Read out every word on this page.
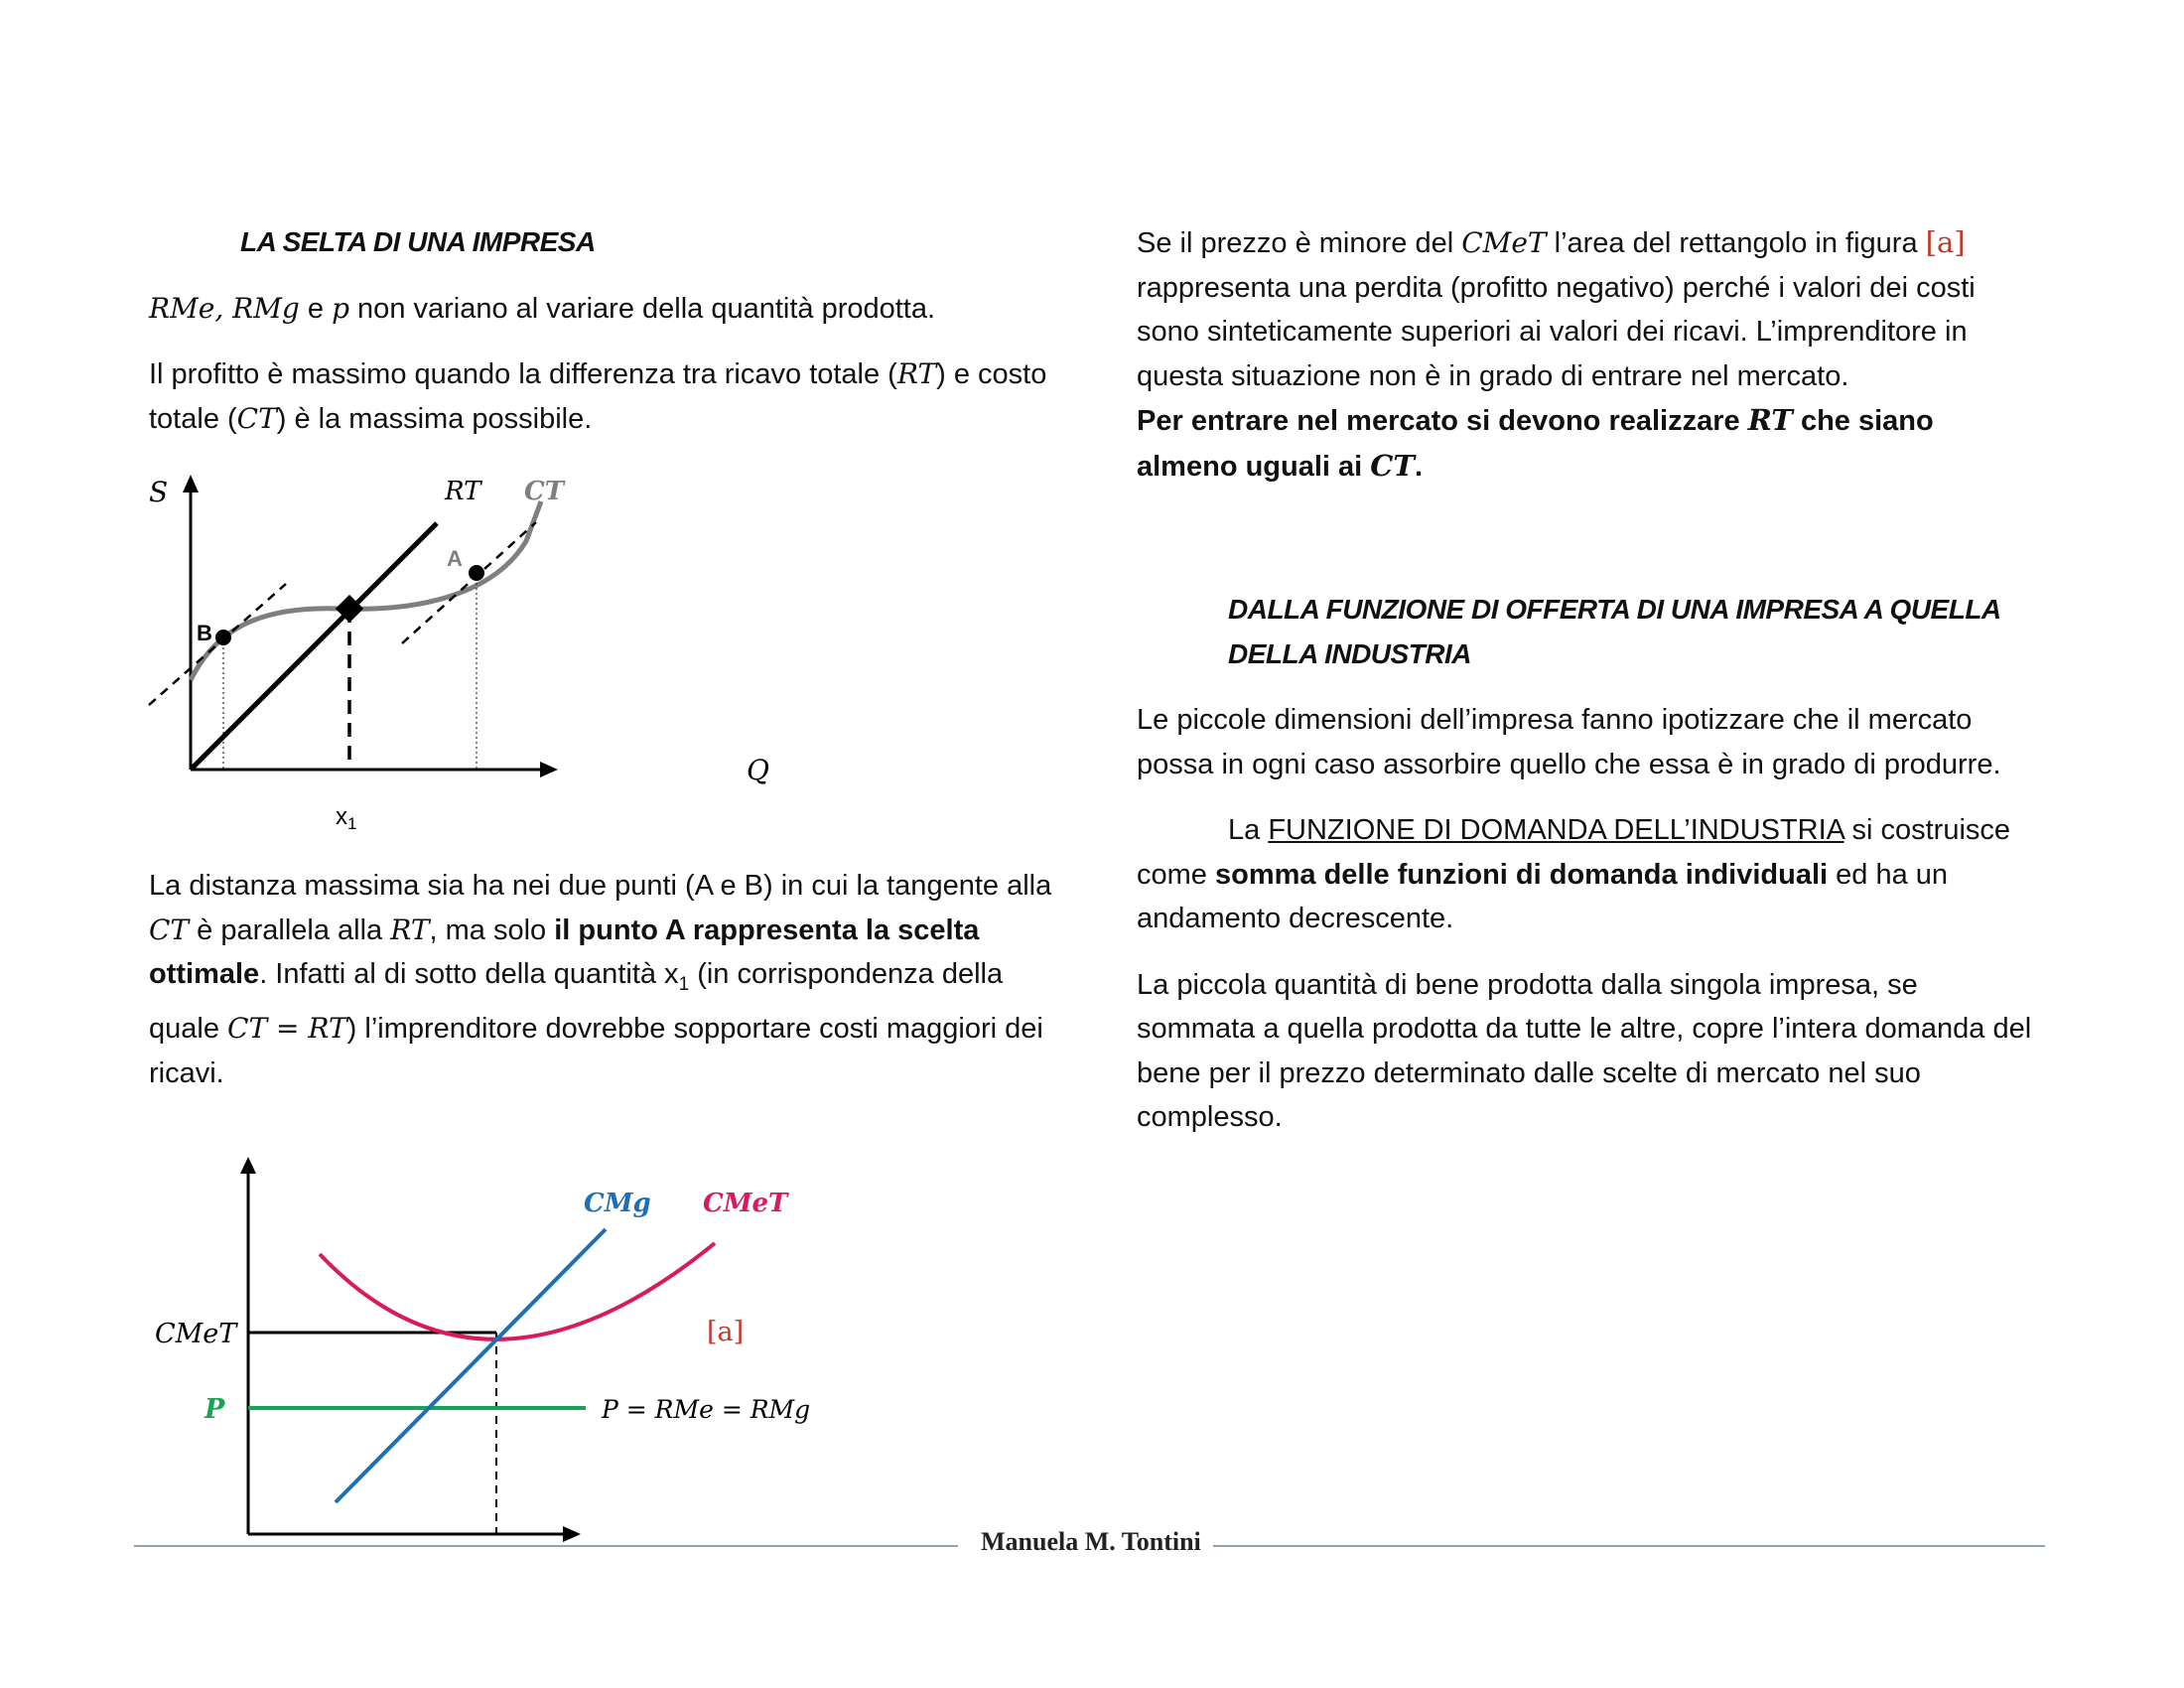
LA SELTA DI UNA IMPRESA

RMe, RMg e p non variano al variare della quantità prodotta.

Il profitto è massimo quando la differenza tra ricavo totale (RT) e costo totale (CT) è la massima possibile.

La distanza massima sia ha nei due punti (A e B) in cui la tangente alla CT è parallela alla RT, ma solo il punto A rappresenta la scelta ottimale. Infatti al di sotto della quantità $x_1$ (in corrispondenza della quale CT = RT) l’imprenditore dovrebbe sopportare costi maggiori dei ricavi.

Se il prezzo è minore del CMeT l’area del rettangolo in figura [a] rappresenta una perdita (profitto negativo) perché i valori dei costi sono sinteticamente superiori ai valori dei ricavi. L’imprenditore in questa situazione non è in grado di entrare nel mercato.

Per entrare nel mercato si devono realizzare RT che siano almeno uguali ai CT.

DALLA FUNZIONE DI OFFERTA DI UNA IMPRESA A QUELLA DELLA INDUSTRIA

Le piccole dimensioni dell’impresa fanno ipotizzare che il mercato possa in ogni caso assorbire quello che essa è in grado di produrre.

La FUNZIONE DI DOMANDA DELL’INDUSTRIA si costruisce come somma delle funzioni di domanda individuali ed ha un andamento decrescente.

La piccola quantità di bene prodotta dalla singola impresa, se sommata a quella prodotta da tutte le altre, copre l’intera domanda del bene per il prezzo determinato dalle scelte di mercato nel suo complesso.

S
Q
RT CT
A
B
$x_1$
CMg CMeT
CMeT
P	P = RMe = RMg
[a]
Manuela M. Tontini
